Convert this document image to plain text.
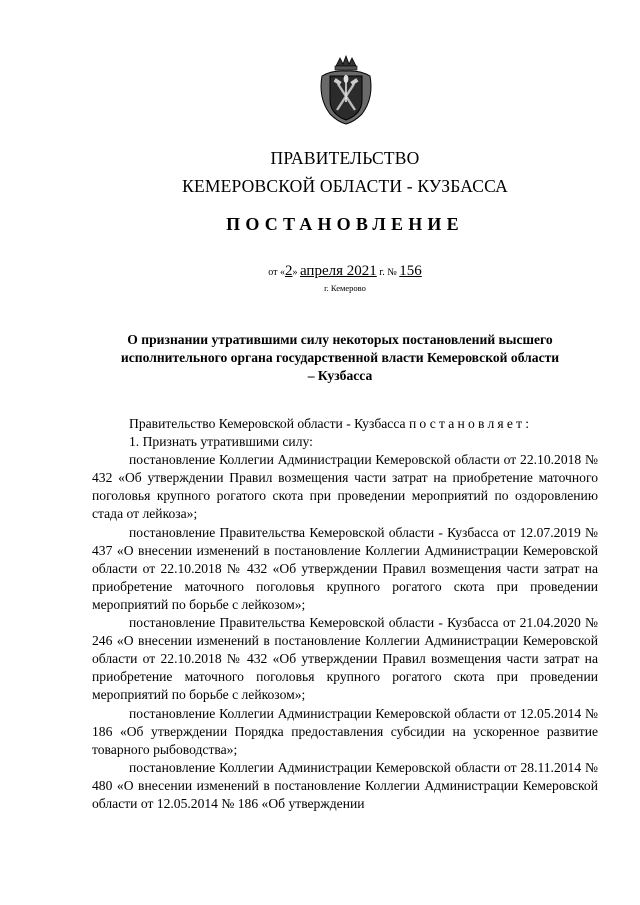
ПРАВИТЕЛЬСТВО
КЕМЕРОВСКОЙ ОБЛАСТИ - КУЗБАССА
ПОСТАНОВЛЕНИЕ
от «2» апреля 2021 г. № 156
г. Кемерово
О признании утратившими силу некоторых постановлений высшего исполнительного органа государственной власти Кемеровской области – Кузбасса

Правительство Кемеровской области - Кузбасса постановляет:

1. Признать утратившими силу:

постановление Коллегии Администрации Кемеровской области от 22.10.2018 № 432 «Об утверждении Правил возмещения части затрат на приобретение маточного поголовья крупного рогатого скота при проведении мероприятий по оздоровлению стада от лейкоза»;

постановление Правительства Кемеровской области - Кузбасса от 12.07.2019 № 437 «О внесении изменений в постановление Коллегии Администрации Кемеровской области от 22.10.2018 № 432 «Об утверждении Правил возмещения части затрат на приобретение маточного поголовья крупного рогатого скота при проведении мероприятий по борьбе с лейкозом»;

постановление Правительства Кемеровской области - Кузбасса от 21.04.2020 № 246 «О внесении изменений в постановление Коллегии Администрации Кемеровской области от 22.10.2018 № 432 «Об утверждении Правил возмещения части затрат на приобретение маточного поголовья крупного рогатого скота при проведении мероприятий по борьбе с лейкозом»;

постановление Коллегии Администрации Кемеровской области от 12.05.2014 № 186 «Об утверждении Порядка предоставления субсидии на ускоренное развитие товарного рыбоводства»;

постановление Коллегии Администрации Кемеровской области от 28.11.2014 № 480 «О внесении изменений в постановление Коллегии Администрации Кемеровской области от 12.05.2014 № 186 «Об утверждении
